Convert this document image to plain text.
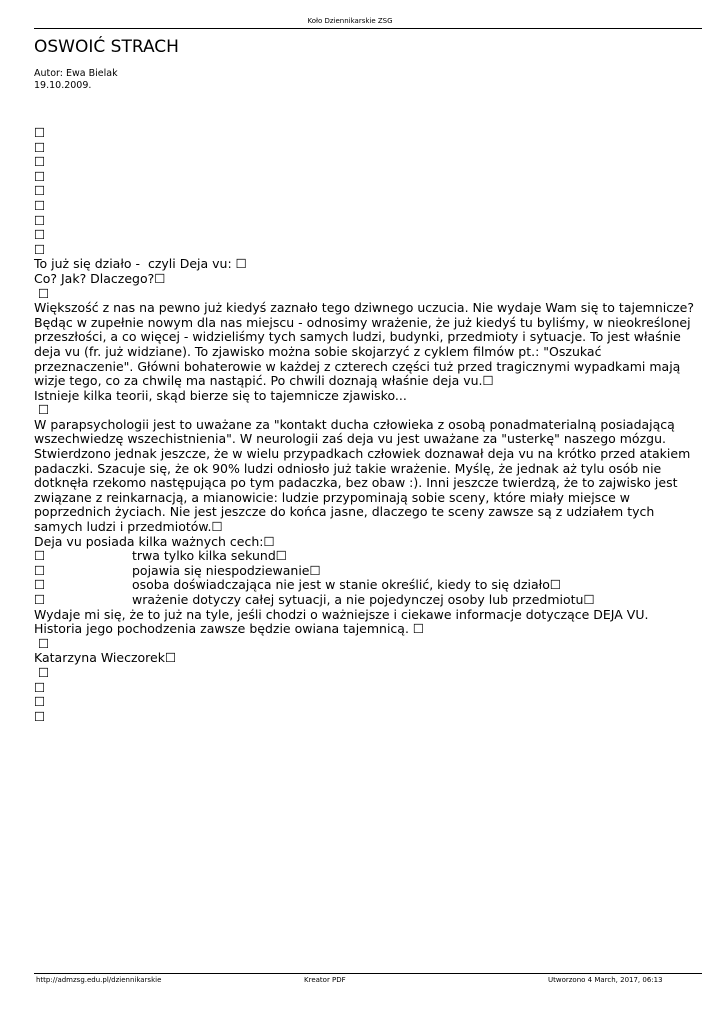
Koło Dziennikarskie ZSG
OSWOIĆ STRACH
Autor: Ewa Bielak
19.10.2009.
☐
☐
☐
☐
☐
☐
☐
☐
☐
To już się działo -  czyli Deja vu: ☐
Co? Jak? Dlaczego?☐
☐
Większość z nas na pewno już kiedyś zaznało tego dziwnego uczucia. Nie wydaje Wam się to tajemnicze? Będąc w zupełnie nowym dla nas miejscu - odnosimy wrażenie, że już kiedyś tu byliśmy, w nieokreślonej przeszłości, a co więcej - widzieliśmy tych samych ludzi, budynki, przedmioty i sytuacje. To jest właśnie deja vu (fr. już widziane). To zjawisko można sobie skojarzyć z cyklem filmów pt.: "Oszukać przeznaczenie". Główni bohaterowie w każdej z czterech części tuż przed tragicznymi wypadkami mają wizje tego, co za chwilę ma nastąpić. Po chwili doznają właśnie deja vu.☐
Istnieje kilka teorii, skąd bierze się to tajemnicze zjawisko...
☐
W parapsychologii jest to uważane za "kontakt ducha człowieka z osobą ponadmaterialną posiadającą wszechwiedzę wszechistnienia". W neurologii zaś deja vu jest uważane za "usterkę" naszego mózgu. Stwierdzono jednak jeszcze, że w wielu przypadkach człowiek doznawał deja vu na krótko przed atakiem padaczki. Szacuje się, że ok 90% ludzi odniosło już takie wrażenie. Myślę, że jednak aż tylu osób nie dotknęła rzekomo następująca po tym padaczka, bez obaw :). Inni jeszcze twierdzą, że to zajwisko jest związane z reinkarnacją, a mianowicie: ludzie przypominają sobie sceny, które miały miejsce w poprzednich życiach. Nie jest jeszcze do końca jasne, dlaczego te sceny zawsze są z udziałem tych samych ludzi i przedmiotów.☐
Deja vu posiada kilka ważnych cech:☐
☐	trwa tylko kilka sekund☐
☐	pojawia się niespodziewanie☐
☐	osoba doświadczająca nie jest w stanie określić, kiedy to się działo☐
☐	wrażenie dotyczy całej sytuacji, a nie pojedynczej osoby lub przedmiotu☐
Wydaje mi się, że to już na tyle, jeśli chodzi o ważniejsze i ciekawe informacje dotyczące DEJA VU. Historia jego pochodzenia zawsze będzie owiana tajemnicą. ☐
☐
Katarzyna Wieczorek☐
☐
☐
☐
☐
http://admzsg.edu.pl/dziennikarskie	Kreator PDF	Utworzono 4 March, 2017, 06:13
